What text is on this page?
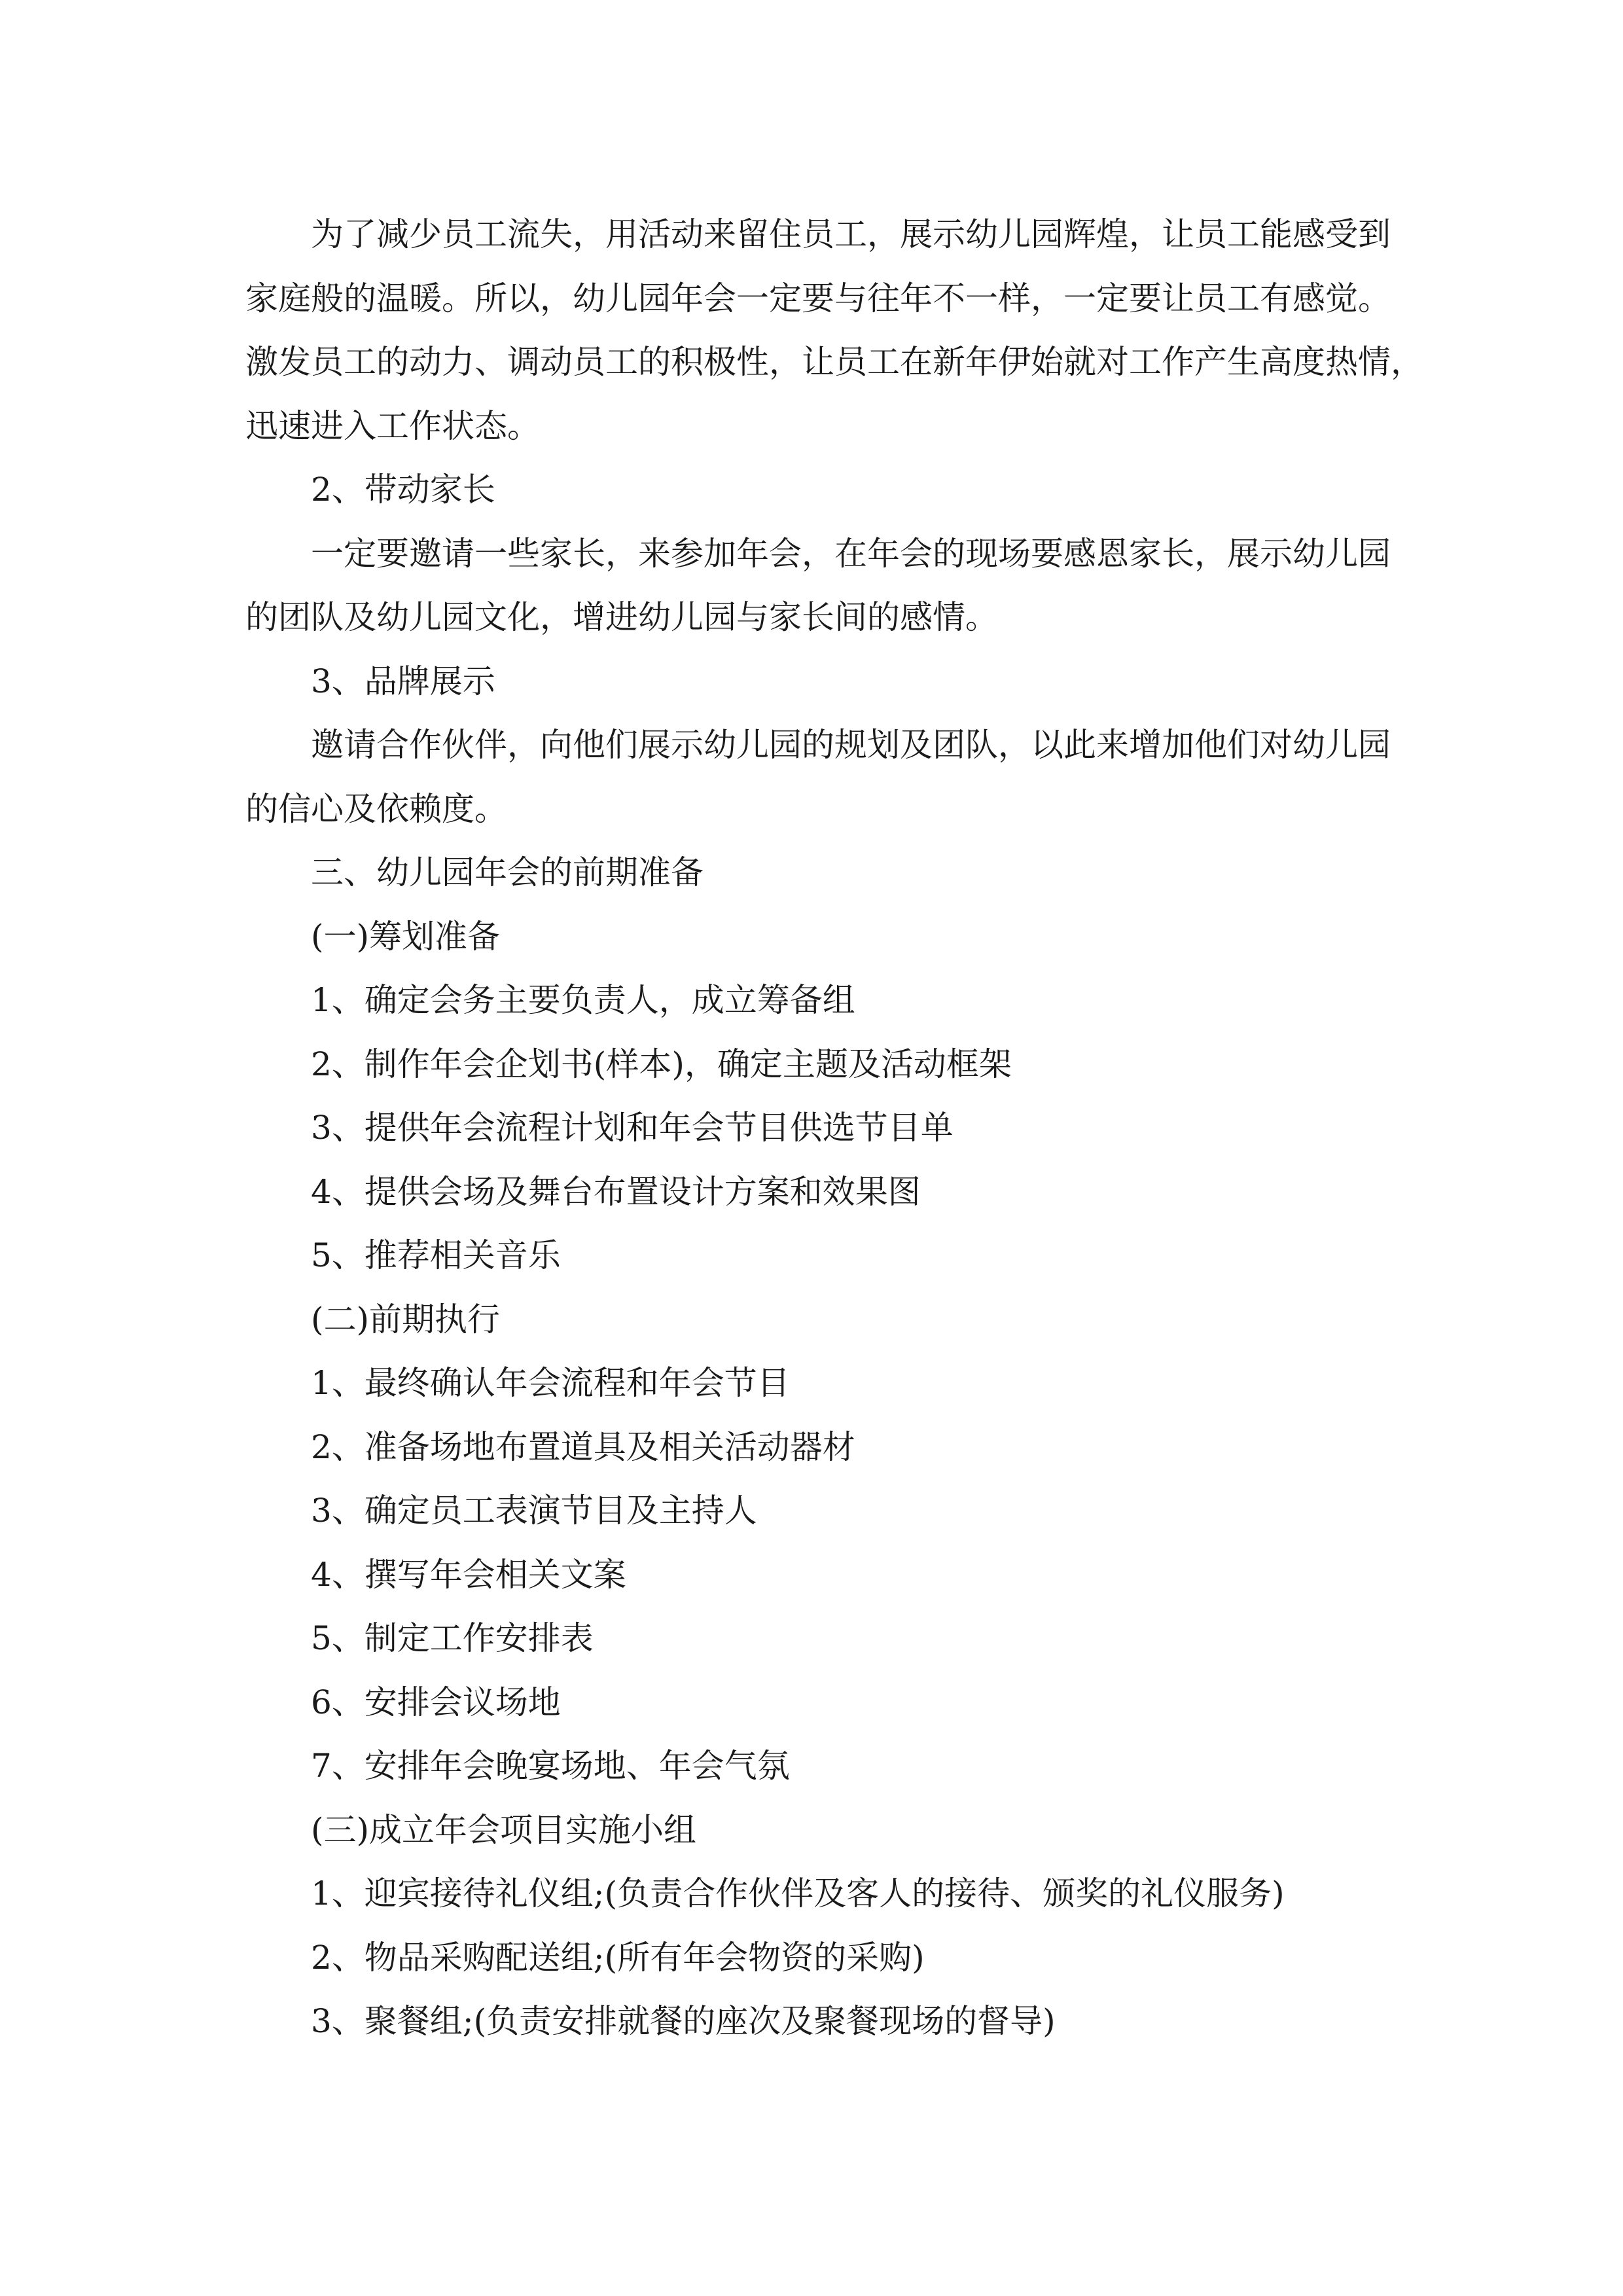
为了减少员工流失，用活动来留住员工，展示幼儿园辉煌，让员工能感受到
家庭般的温暖。所以，幼儿园年会一定要与往年不一样，一定要让员工有感觉。
激发员工的动力、调动员工的积极性，让员工在新年伊始就对工作产生高度热情，
迅速进入工作状态。
2、带动家长
一定要邀请一些家长，来参加年会，在年会的现场要感恩家长，展示幼儿园
的团队及幼儿园文化，增进幼儿园与家长间的感情。
3、品牌展示
邀请合作伙伴，向他们展示幼儿园的规划及团队，以此来增加他们对幼儿园
的信心及依赖度。
三、幼儿园年会的前期准备
(一)筹划准备
1、确定会务主要负责人，成立筹备组
2、制作年会企划书(样本)，确定主题及活动框架
3、提供年会流程计划和年会节目供选节目单
4、提供会场及舞台布置设计方案和效果图
5、推荐相关音乐
(二)前期执行
1、最终确认年会流程和年会节目
2、准备场地布置道具及相关活动器材
3、确定员工表演节目及主持人
4、撰写年会相关文案
5、制定工作安排表
6、安排会议场地
7、安排年会晚宴场地、年会气氛
(三)成立年会项目实施小组
1、迎宾接待礼仪组;(负责合作伙伴及客人的接待、颁奖的礼仪服务)
2、物品采购配送组;(所有年会物资的采购)
3、聚餐组;(负责安排就餐的座次及聚餐现场的督导)
